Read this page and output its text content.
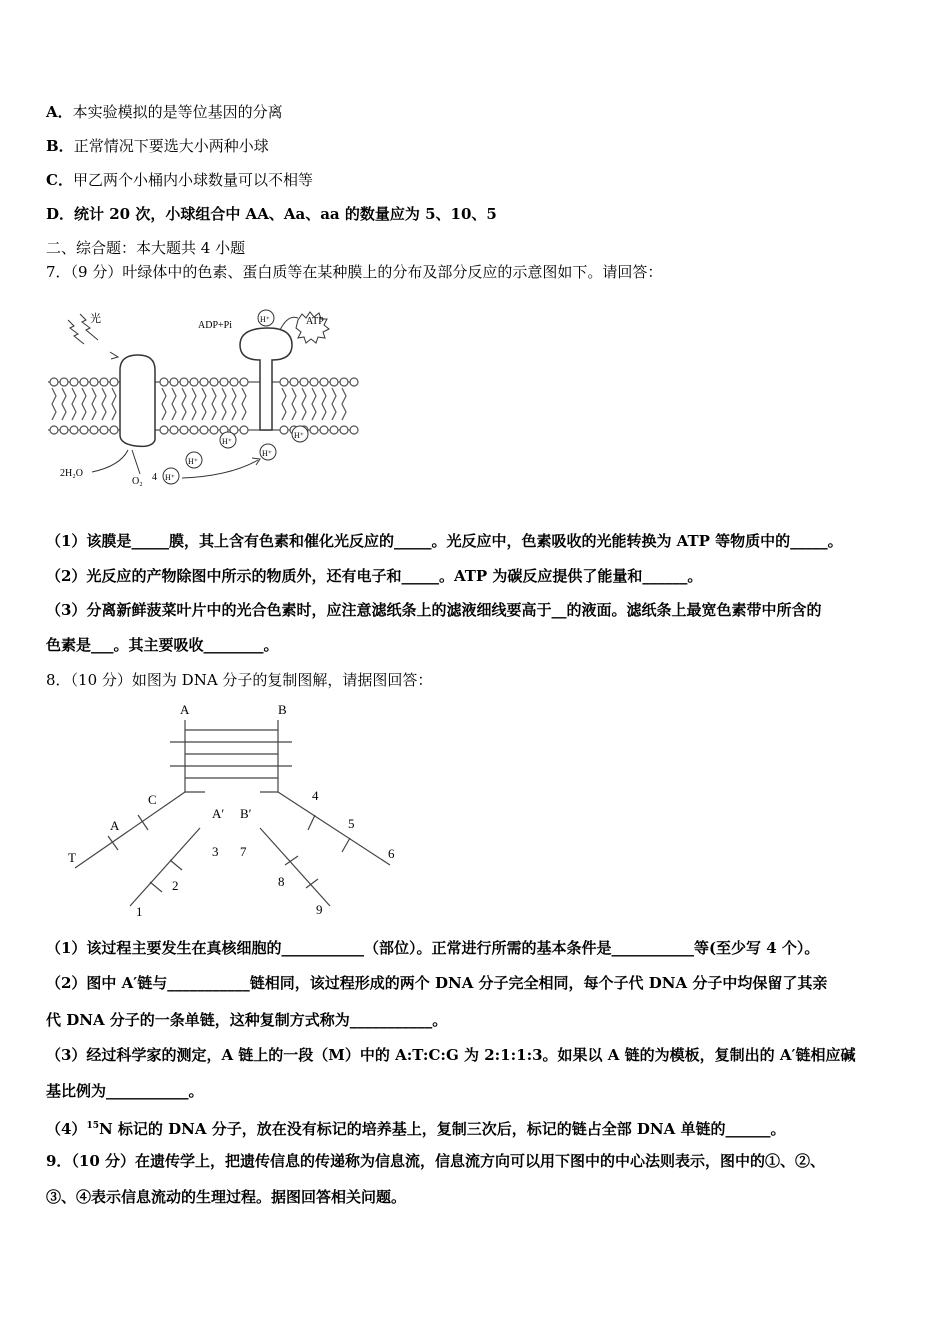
A．本实验模拟的是等位基因的分离
B．正常情况下要选大小两种小球
C．甲乙两个小桶内小球数量可以不相等
D．统计 20 次，小球组合中 AA、Aa、aa 的数量应为 5、10、5
二、综合题：本大题共 4 小题
7．（9 分）叶绿体中的色素、蛋白质等在某种膜上的分布及部分反应的示意图如下。请回答：
光
ADP+Pi
H⁺	ATP
H⁺
H⁺
H⁺
H⁺
H⁺
4
2H₂O
O₂
（1）该膜是_____膜，其上含有色素和催化光反应的_____。光反应中，色素吸收的光能转换为 ATP 等物质中的_____。
（2）光反应的产物除图中所示的物质外，还有电子和_____。ATP 为碳反应提供了能量和______。
（3）分离新鲜菠菜叶片中的光合色素时，应注意滤纸条上的滤液细线要高于__的液面。滤纸条上最宽色素带中所含的
色素是___。其主要吸收________。
8．（10 分）如图为 DNA 分子的复制图解，请据图回答：
A	B
A′ B′
C
A
T
4
5
6
3
2
1
7
8
9
（1）该过程主要发生在真核细胞的___________（部位）。正常进行所需的基本条件是___________等(至少写 4 个）。
（2）图中 A′链与___________链相同，该过程形成的两个 DNA 分子完全相同，每个子代 DNA 分子中均保留了其亲
代 DNA 分子的一条单链，这种复制方式称为___________。
（3）经过科学家的测定，A 链上的一段（M）中的 A:T:C:G 为 2:1:1:3。如果以 A 链的为模板，复制出的 A′链相应碱
基比例为___________。
$(4)^{15}N$ 标记的 DNA 分子，放在没有标记的培养基上，复制三次后，标记的链占全部 DNA 单链的______。
9．（10 分）在遗传学上，把遗传信息的传递称为信息流，信息流方向可以用下图中的中心法则表示，图中的①、②、
③、④表示信息流动的生理过程。据图回答相关问题。
